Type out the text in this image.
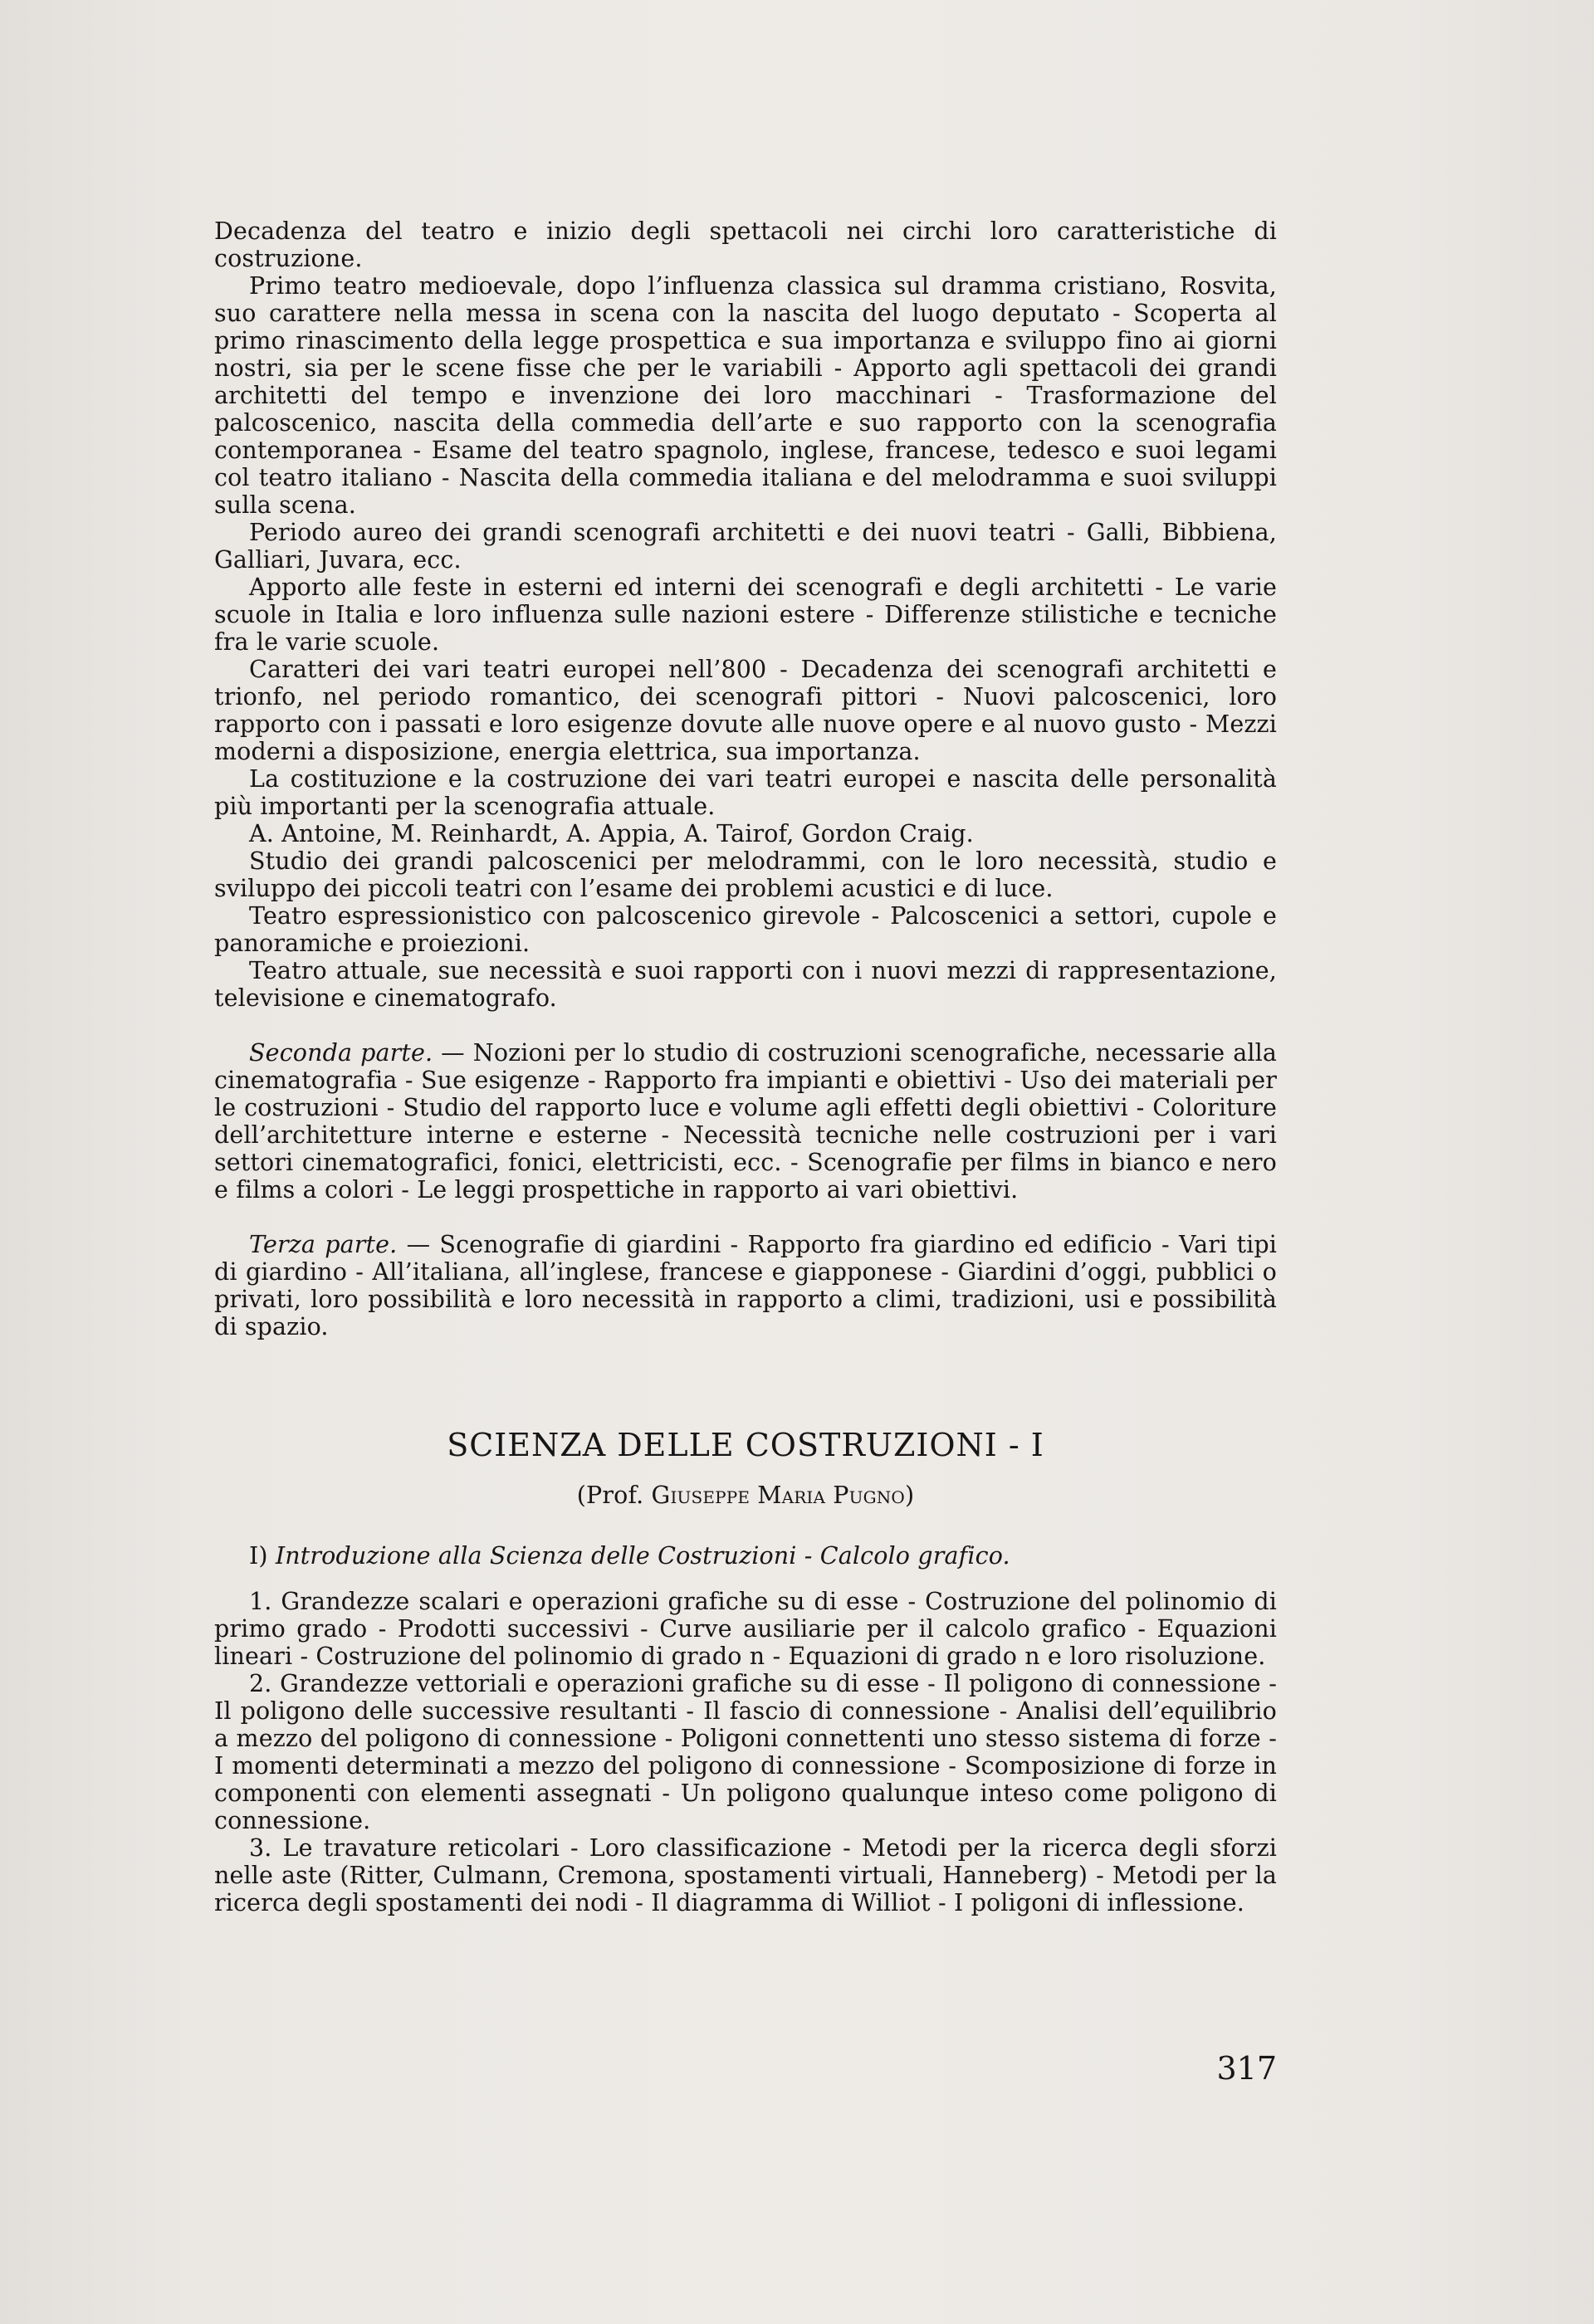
Decadenza del teatro e inizio degli spettacoli nei circhi loro caratteristiche di costruzione.

Primo teatro medioevale, dopo l’influenza classica sul dramma cristiano, Rosvita, suo carattere nella messa in scena con la nascita del luogo deputato - Scoperta al primo rinascimento della legge prospettica e sua importanza e sviluppo fino ai giorni nostri, sia per le scene fisse che per le variabili - Apporto agli spettacoli dei grandi architetti del tempo e invenzione dei loro macchinari - Trasformazione del palcoscenico, nascita della commedia dell’arte e suo rapporto con la scenografia contemporanea - Esame del teatro spagnolo, inglese, francese, tedesco e suoi legami col teatro italiano - Nascita della commedia italiana e del melodramma e suoi sviluppi sulla scena.

Periodo aureo dei grandi scenografi architetti e dei nuovi teatri - Galli, Bibbiena, Galliari, Juvara, ecc.

Apporto alle feste in esterni ed interni dei scenografi e degli architetti - Le varie scuole in Italia e loro influenza sulle nazioni estere - Differenze stilistiche e tecniche fra le varie scuole.

Caratteri dei vari teatri europei nell’800 - Decadenza dei scenografi architetti e trionfo, nel periodo romantico, dei scenografi pittori - Nuovi palcoscenici, loro rapporto con i passati e loro esigenze dovute alle nuove opere e al nuovo gusto - Mezzi moderni a disposizione, energia elettrica, sua importanza.

La costituzione e la costruzione dei vari teatri europei e nascita delle personalità più importanti per la scenografia attuale.

A. Antoine, M. Reinhardt, A. Appia, A. Tairof, Gordon Craig.

Studio dei grandi palcoscenici per melodrammi, con le loro necessità, studio e sviluppo dei piccoli teatri con l’esame dei problemi acustici e di luce.

Teatro espressionistico con palcoscenico girevole - Palcoscenici a settori, cupole e panoramiche e proiezioni.

Teatro attuale, sue necessità e suoi rapporti con i nuovi mezzi di rappresentazione, televisione e cinematografo.

Seconda parte. — Nozioni per lo studio di costruzioni scenografiche, necessarie alla cinematografia - Sue esigenze - Rapporto fra impianti e obiettivi - Uso dei materiali per le costruzioni - Studio del rapporto luce e volume agli effetti degli obiettivi - Coloriture dell’architetture interne e esterne - Necessità tecniche nelle costruzioni per i vari settori cinematografici, fonici, elettricisti, ecc. - Scenografie per films in bianco e nero e films a colori - Le leggi prospettiche in rapporto ai vari obiettivi.

Terza parte. — Scenografie di giardini - Rapporto fra giardino ed edificio - Vari tipi di giardino - All’italiana, all’inglese, francese e giapponese - Giardini d’oggi, pubblici o privati, loro possibilità e loro necessità in rapporto a climi, tradizioni, usi e possibilità di spazio.

SCIENZA DELLE COSTRUZIONI - I
(Prof. Giuseppe Maria Pugno)
I) Introduzione alla Scienza delle Costruzioni - Calcolo grafico.

1. Grandezze scalari e operazioni grafiche su di esse - Costruzione del polinomio di primo grado - Prodotti successivi - Curve ausiliarie per il calcolo grafico - Equazioni lineari - Costruzione del polinomio di grado n - Equazioni di grado n e loro risoluzione.

2. Grandezze vettoriali e operazioni grafiche su di esse - Il poligono di connessione - Il poligono delle successive resultanti - Il fascio di connessione - Analisi dell’equilibrio a mezzo del poligono di connessione - Poligoni connettenti uno stesso sistema di forze - I momenti determinati a mezzo del poligono di connessione - Scomposizione di forze in componenti con elementi assegnati - Un poligono qualunque inteso come poligono di connessione.

3. Le travature reticolari - Loro classificazione - Metodi per la ricerca degli sforzi nelle aste (Ritter, Culmann, Cremona, spostamenti virtuali, Hanneberg) - Metodi per la ricerca degli spostamenti dei nodi - Il diagramma di Williot - I poligoni di inflessione.

317
